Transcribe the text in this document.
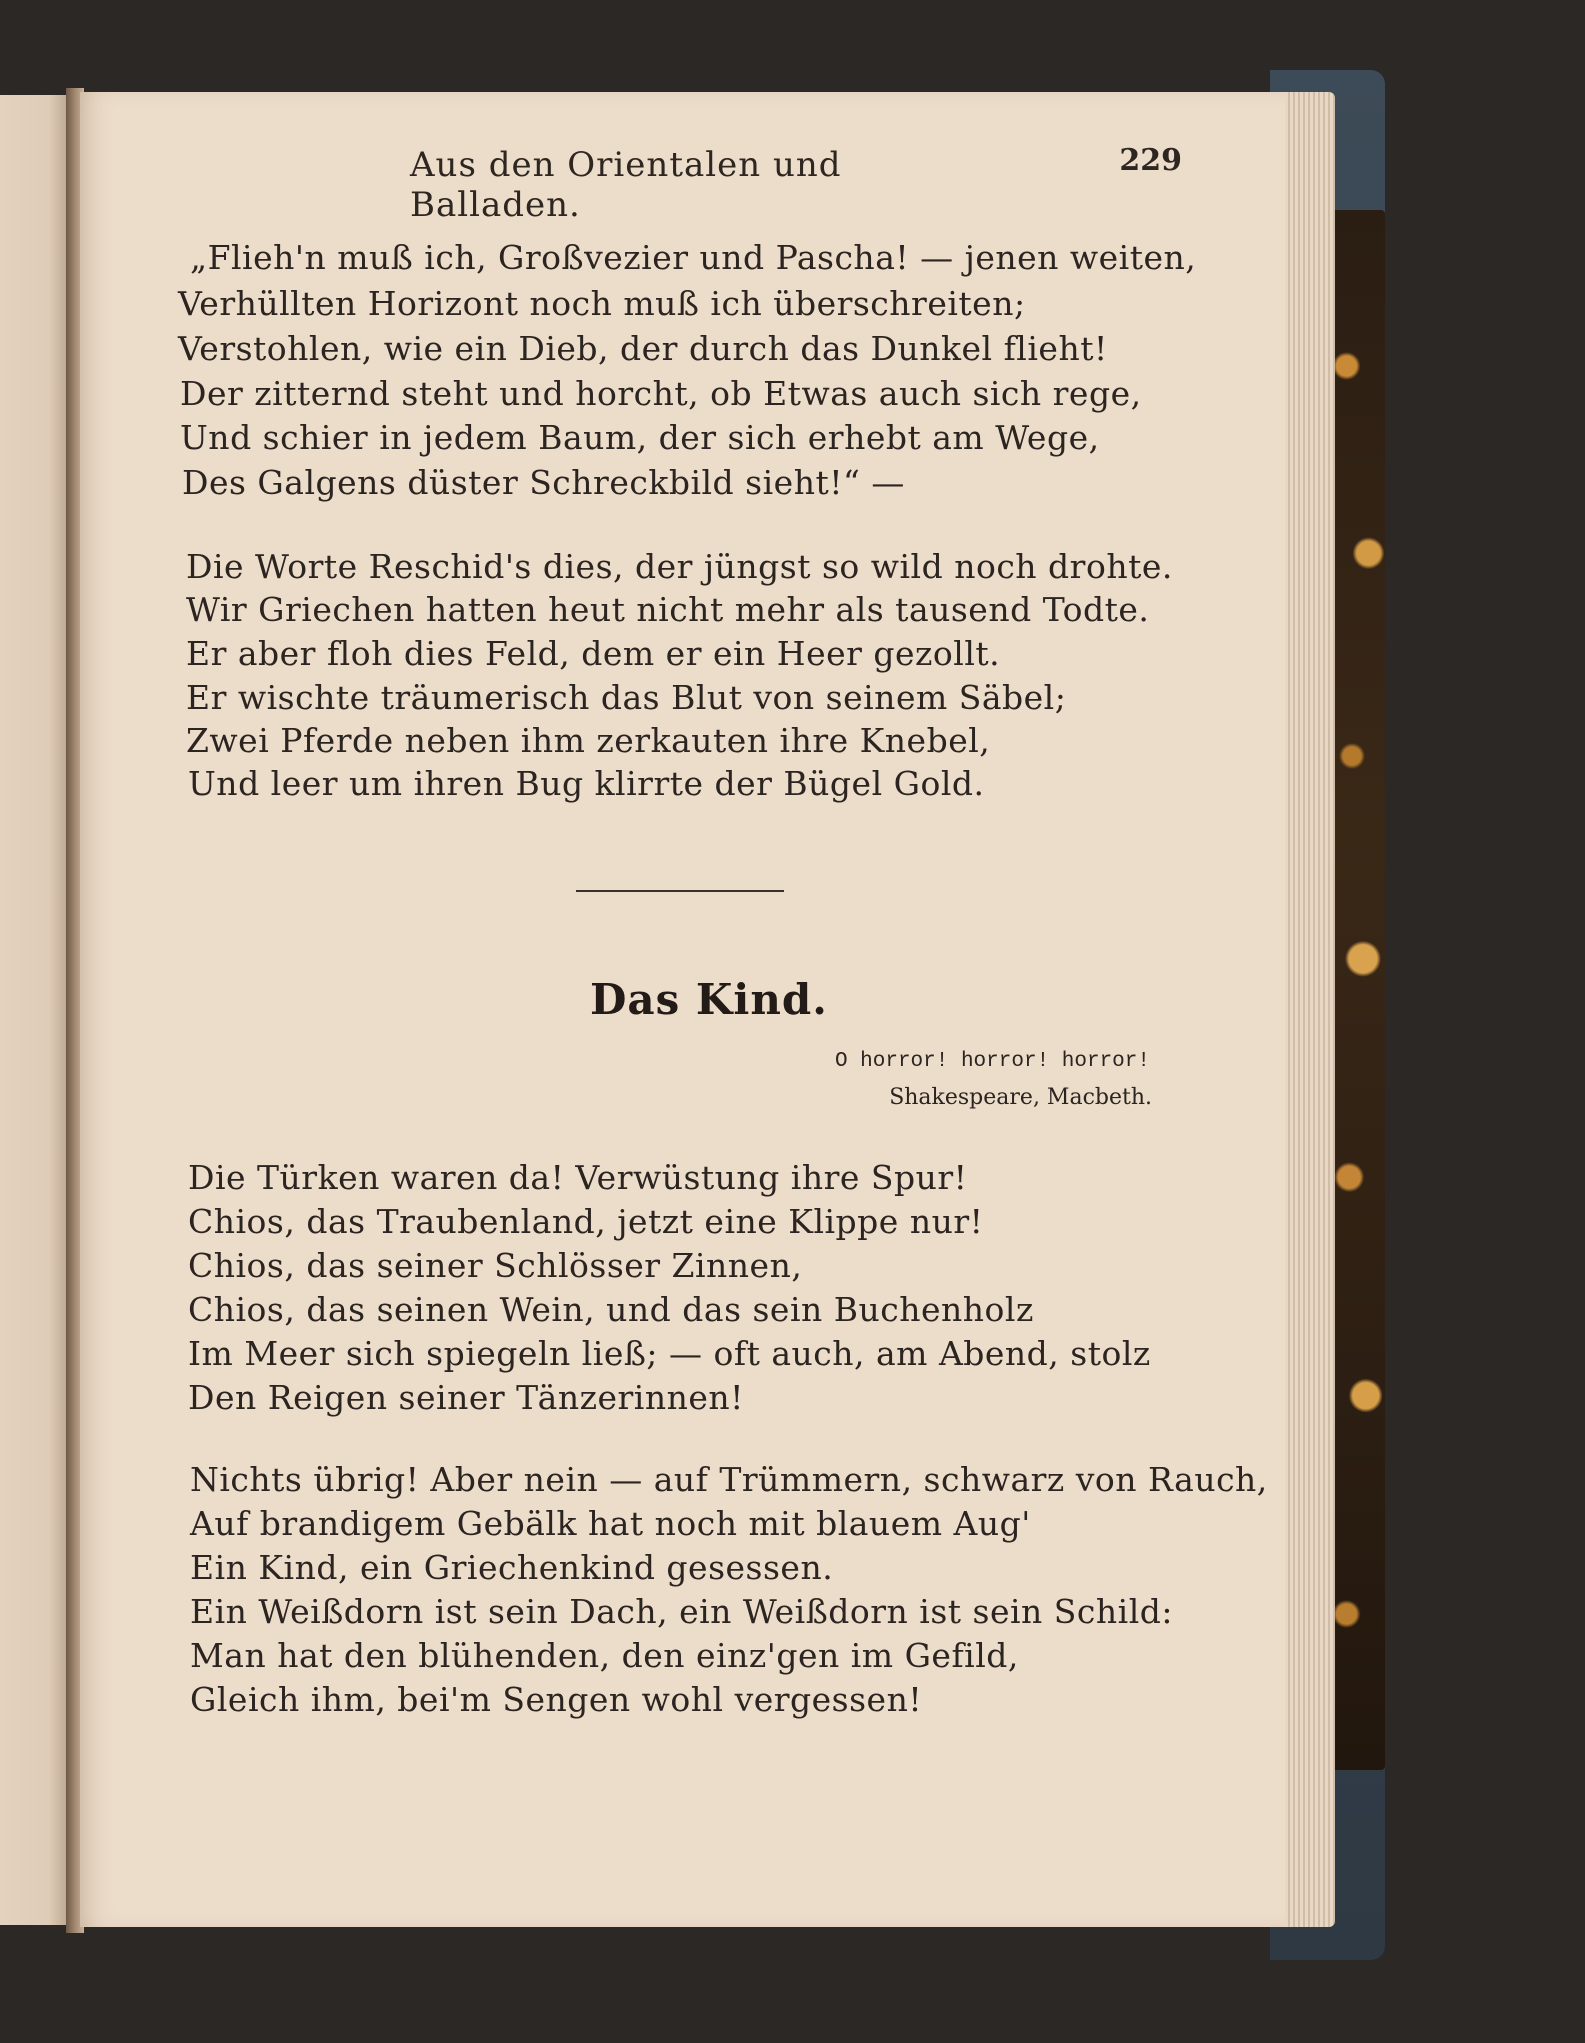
Aus den Orientalen und Balladen.
229
„Flieh'n muß ich, Großvezier und Pascha! — jenen weiten,
Verhüllten Horizont noch muß ich überschreiten;
Verstohlen, wie ein Dieb, der durch das Dunkel flieht!
Der zitternd steht und horcht, ob Etwas auch sich rege,
Und schier in jedem Baum, der sich erhebt am Wege,
Des Galgens düster Schreckbild sieht!“ —
Die Worte Reschid's dies, der jüngst so wild noch drohte.
Wir Griechen hatten heut nicht mehr als tausend Todte.
Er aber floh dies Feld, dem er ein Heer gezollt.
Er wischte träumerisch das Blut von seinem Säbel;
Zwei Pferde neben ihm zerkauten ihre Knebel,
Und leer um ihren Bug klirrte der Bügel Gold.
Das Kind.
O horror! horror! horror!
Shakespeare, Macbeth.
Die Türken waren da! Verwüstung ihre Spur!
Chios, das Traubenland, jetzt eine Klippe nur!
Chios, das seiner Schlösser Zinnen,
Chios, das seinen Wein, und das sein Buchenholz
Im Meer sich spiegeln ließ; — oft auch, am Abend, stolz
Den Reigen seiner Tänzerinnen!
Nichts übrig! Aber nein — auf Trümmern, schwarz von Rauch,
Auf brandigem Gebälk hat noch mit blauem Aug'
Ein Kind, ein Griechenkind gesessen.
Ein Weißdorn ist sein Dach, ein Weißdorn ist sein Schild:
Man hat den blühenden, den einz'gen im Gefild,
Gleich ihm, bei'm Sengen wohl vergessen!
